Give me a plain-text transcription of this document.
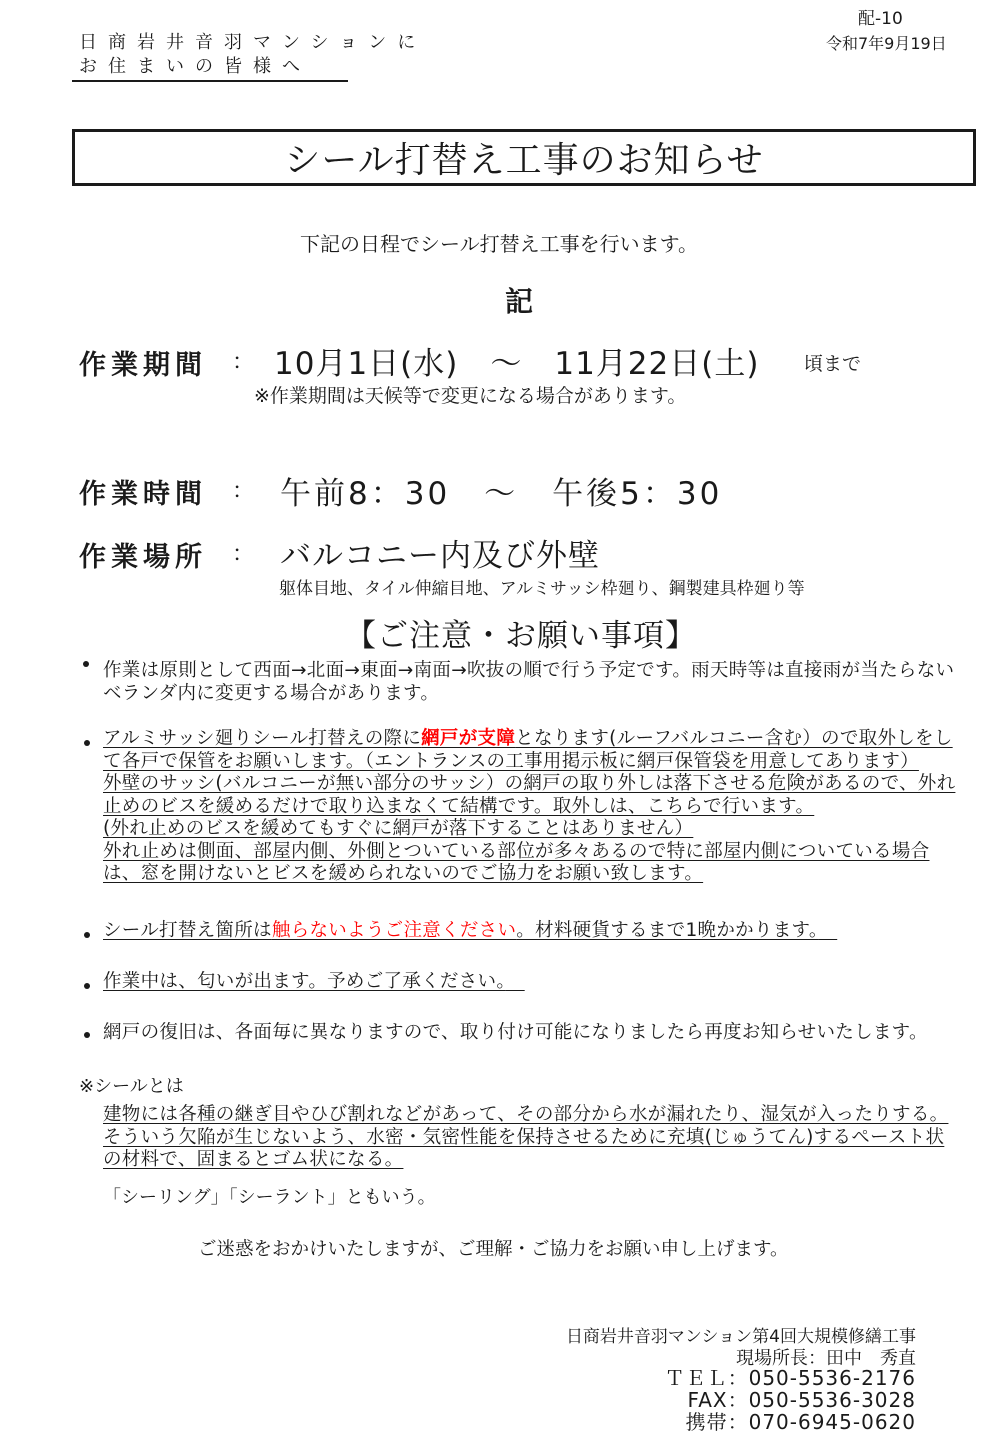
日商岩井音羽マンションに
お住まいの皆様へ
配-10
令和7年9月19日
シール打替え工事のお知らせ
下記の日程でシール打替え工事を行います。
記
作業期間 ： 10月1日(水)　～　11月22日(土) 頃まで
※作業期間は天候等で変更になる場合があります。
作業時間 ： 午前8：30　～　午後5：30
作業場所 ： バルコニー内及び外壁
躯体目地、タイル伸縮目地、アルミサッシ枠廻り、鋼製建具枠廻り等
【ご注意・お願い事項】
作業は原則として西面→北面→東面→南面→吹抜の順で行う予定です。雨天時等は直接雨が当たらないベランダ内に変更する場合があります。
アルミサッシ廻りシール打替えの際に網戸が支障となります(ルーフバルコニー含む）ので取外しをして各戸で保管をお願いします。（エントランスの工事用掲示板に網戸保管袋を用意してあります）
外壁のサッシ(バルコニーが無い部分のサッシ）の網戸の取り外しは落下させる危険があるので、外れ止めのビスを緩めるだけで取り込まなくて結構です。取外しは、こちらで行います。
(外れ止めのビスを緩めてもすぐに網戸が落下することはありません）
外れ止めは側面、部屋内側、外側とついている部位が多々あるので特に部屋内側についている場合は、窓を開けないとビスを緩められないのでご協力をお願い致します。
シール打替え箇所は触らないようご注意ください。材料硬貨するまで1晩かかります。　
作業中は、匂いが出ます。予めご了承ください。　
網戸の復旧は、各面毎に異なりますので、取り付け可能になりましたら再度お知らせいたします。
※シールとは
建物には各種の継ぎ目やひび割れなどがあって、その部分から水が漏れたり、湿気が入ったりする。そういう欠陥が生じないよう、水密・気密性能を保持させるために充填(じゅうてん)するペースト状の材料で、固まるとゴム状になる。
「シーリング」「シーラント」ともいう。
ご迷惑をおかけいたしますが、ご理解・ご協力をお願い申し上げます。
日商岩井音羽マンション第4回大規模修繕工事
現場所長：田中　秀直
ＴＥＬ：050-5536-2176
FAX：050-5536-3028
携帯：070-6945-0620
